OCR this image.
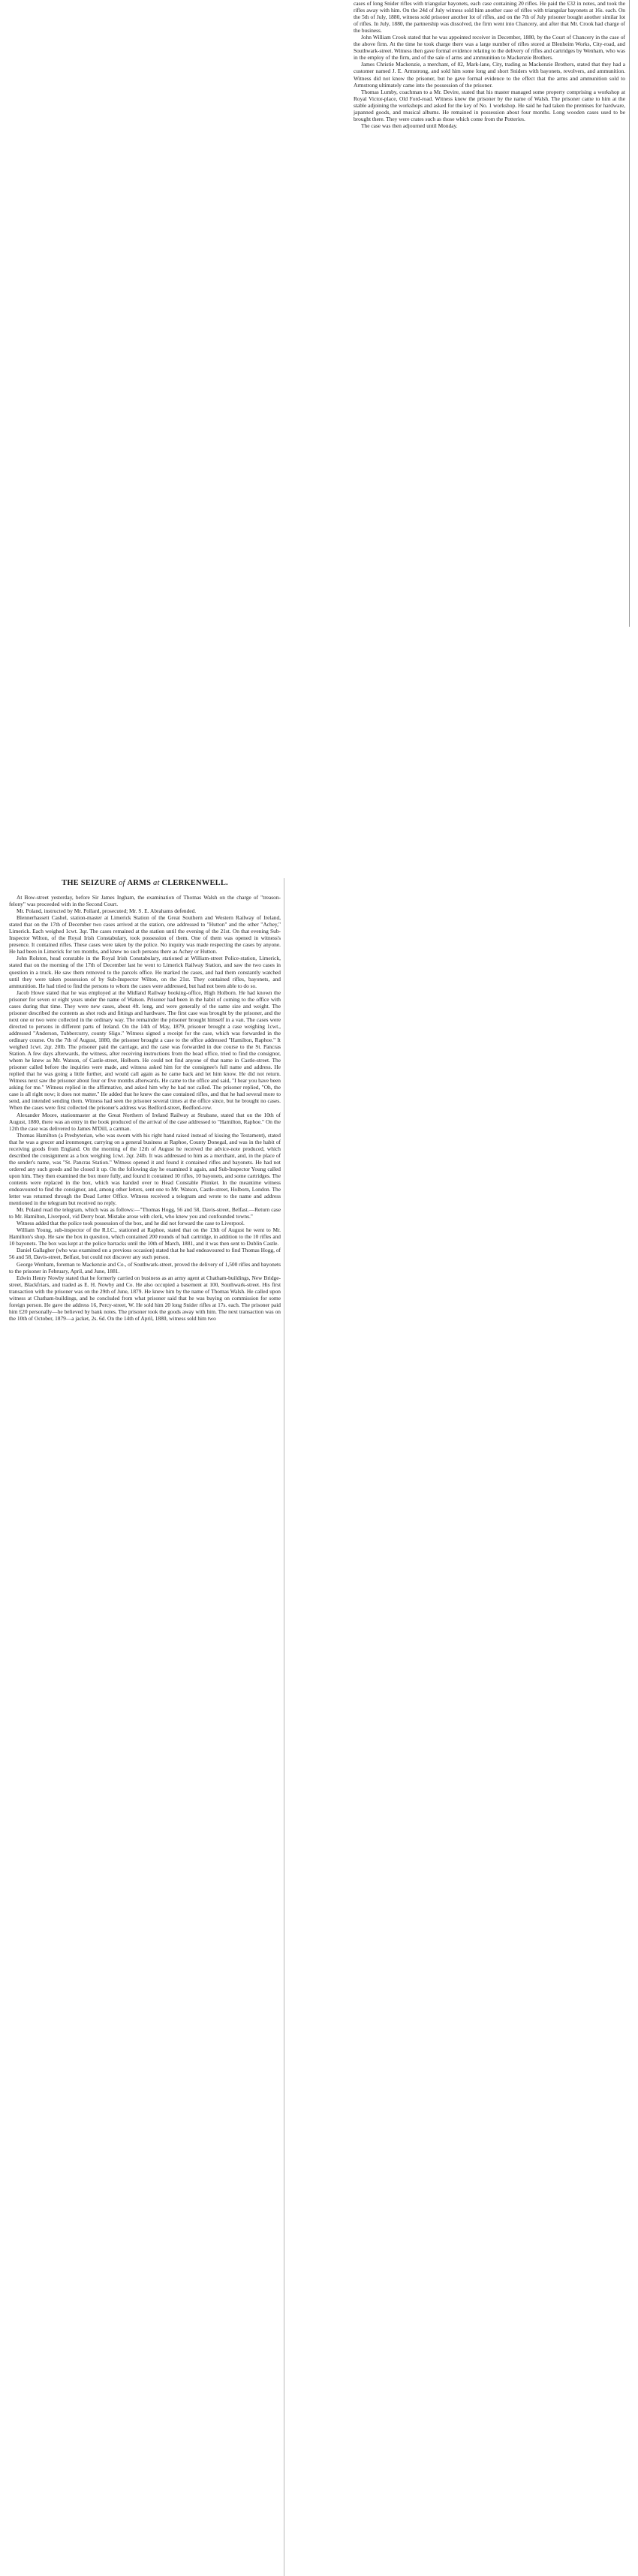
cases of long Snider rifles with triangular bayonets, each case containing 20 rifles. He paid the £32 in notes, and took the rifles away with him. On the 24d of July witness sold him another case of rifles with triangular bayonets at 16s. each. On the 5th of July, 1880, witness sold prisoner another lot of rifles, and on the 7th of July prisoner bought another similar lot of rifles. In July, 1880, the partnership was dissolved, the firm went into Chancery, and after that Mr. Crook had charge of the business.

John William Crook stated that he was appointed receiver in December, 1880, by the Court of Chancery in the case of the above firm. At the time he took charge there was a large number of rifles stored at Blenheim Works, City-road, and Southwark-street. Witness then gave formal evidence relating to the delivery of rifles and cartridges by Wenham, who was in the employ of the firm, and of the sale of arms and ammunition to Mackenzie Brothers.

James Christie Mackenzie, a merchant, of 82, Mark-lane, City, trading as Mackenzie Brothers, stated that they had a customer named J. E. Armstrong, and sold him some long and short Sniders with bayonets, revolvers, and ammunition. Witness did not know the prisoner, but he gave formal evidence to the effect that the arms and ammunition sold to Armstrong ultimately came into the possession of the prisoner.

Thomas Lumby, coachman to a Mr. Devire, stated that his master managed some property comprising a workshop at Royal Victor-place, Old Ford-road. Witness knew the prisoner by the name of Walsh. The prisoner came to him at the stable adjoining the workshops and asked for the key of No. 1 workshop. He said he had taken the premises for hardware, japanned goods, and musical albums. He remained in possession about four months. Long wooden cases used to be brought there. They were crates such as those which come from the Potteries.

The case was then adjourned until Monday.

THE SEIZURE of ARMS at CLERKENWELL.

At Bow-street yesterday, before Sir James Ingham, the examination of Thomas Walsh on the charge of "treason-felony" was proceeded with in the Second Court.

Mr. Poland, instructed by Mr. Pollard, prosecuted; Mr. S. E. Abrahams defended.

Blennerhassett Cashel, station-master at Limerick Station of the Great Southern and Western Railway of Ireland, stated that on the 17th of December two cases arrived at the station, one addressed to "Hutton" and the other "Achey," Limerick. Each weighed 1cwt. 3qr. The cases remained at the station until the evening of the 21st. On that evening Sub-Inspector Wilton, of the Royal Irish Constabulary, took possession of them. One of them was opened in witness's presence. It contained rifles. These cases were taken by the police. No inquiry was made respecting the cases by anyone. He had been in Limerick for ten months, and knew no such persons there as Achey or Hutton.

John Rolston, head constable in the Royal Irish Constabulary, stationed at William-street Police-station, Limerick, stated that on the morning of the 17th of December last he went to Limerick Railway Station, and saw the two cases in question in a truck. He saw them removed to the parcels office. He marked the cases, and had them constantly watched until they were taken possession of by Sub-Inspector Wilton, on the 21st. They contained rifles, bayonets, and ammunition. He had tried to find the persons to whom the cases were addressed, but had not been able to do so.

Jacob Howe stated that he was employed at the Midland Railway booking-office, High Holborn. He had known the prisoner for seven or eight years under the name of Watson. Prisoner had been in the habit of coming to the office with cases during that time. They were new cases, about 4ft. long, and were generally of the same size and weight. The prisoner described the contents as shot rods and fittings and hardware. The first case was brought by the prisoner, and the next one or two were collected in the ordinary way. The remainder the prisoner brought himself in a van. The cases were directed to persons in different parts of Ireland. On the 14th of May, 1879, prisoner brought a case weighing 1cwt., addressed "Anderson, Tubbercurry, county Sligo." Witness signed a receipt for the case, which was forwarded in the ordinary course. On the 7th of August, 1880, the prisoner brought a case to the office addressed "Hamilton, Raphoe." It weighed 1cwt. 2qr. 20lb. The prisoner paid the carriage, and the case was forwarded in due course to the St. Pancras Station. A few days afterwards, the witness, after receiving instructions from the head office, tried to find the consignor, whom he knew as Mr. Watson, of Castle-street, Holborn. He could not find anyone of that name in Castle-street. The prisoner called before the inquiries were made, and witness asked him for the consignee's full name and address. He replied that he was going a little further, and would call again as he came back and let him know. He did not return. Witness next saw the prisoner about four or five months afterwards. He came to the office and said, "I hear you have been asking for me." Witness replied in the affirmative, and asked him why he had not called. The prisoner replied, "Oh, the case is all right now; it does not matter." He added that he knew the case contained rifles, and that he had several more to send, and intended sending them. Witness had seen the prisoner several times at the office since, but he brought no cases. When the cases were first collected the prisoner's address was Bedford-street, Bedford-row.

Alexander Moore, stationmaster at the Great Northern of Ireland Railway at Strabane, stated that on the 10th of August, 1880, there was an entry in the book produced of the arrival of the case addressed to "Hamilton, Raphoe." On the 12th the case was delivered to James M'Dill, a carman.

Thomas Hamilton (a Presbyterian, who was sworn with his right hand raised instead of kissing the Testament), stated that he was a grocer and ironmonger, carrying on a general business at Raphoe, County Donegal, and was in the habit of receiving goods from England. On the morning of the 12th of August he received the advice-note produced, which described the consignment as a box weighing 1cwt. 2qr. 24lb. It was addressed to him as a merchant, and, in the place of the sender's name, was "St. Pancras Station." Witness opened it and found it contained rifles and bayonets. He had not ordered any such goods and he closed it up. On the following day he examined it again, and Sub-Inspector Young called upon him. They then examined the box more fully, and found it contained 10 rifles, 10 bayonets, and some cartridges. The contents were replaced in the box, which was handed over to Head Constable Plunket. In the meantime witness endeavoured to find the consignor, and, among other letters, sent one to Mr. Watson, Castle-street, Holborn, London. The letter was returned through the Dead Letter Office. Witness received a telegram and wrote to the name and address mentioned in the telegram but received no reply.

Mr. Poland read the telegram, which was as follows:—"Thomas Hogg, 56 and 58, Davis-street, Belfast.—Return case to Mr. Hamilton, Liverpool, vid Derry boat. Mistake arose with clerk, who knew you and confounded towns."

Witness added that the police took possession of the box, and he did not forward the case to Liverpool.

William Young, sub-inspector of the R.I.C., stationed at Raphoe, stated that on the 13th of August he went to Mr. Hamilton's shop. He saw the box in question, which contained 200 rounds of ball cartridge, in addition to the 10 rifles and 10 bayonets. The box was kept at the police barracks until the 10th of March, 1881, and it was then sent to Dublin Castle.

Daniel Gallagher (who was examined on a previous occasion) stated that he had endeavoured to find Thomas Hogg, of 56 and 58, Davis-street, Belfast, but could not discover any such person.

George Wenham, foreman to Mackenzie and Co., of Southwark-street, proved the delivery of 1,500 rifles and bayonets to the prisoner in February, April, and June, 1881.

Edwin Henry Nowby stated that he formerly carried on business as an army agent at Chatham-buildings, New Bridge-street, Blackfriars, and traded as E. H. Nowby and Co. He also occupied a basement at 100, Southwark-street. His first transaction with the prisoner was on the 29th of June, 1879. He knew him by the name of Thomas Walsh. He called upon witness at Chatham-buildings, and he concluded from what prisoner said that he was buying on commission for some foreign person. He gave the address 16, Percy-street, W. He sold him 20 long Snider rifles at 17s. each. The prisoner paid him £20 personally—he believed by bank notes. The prisoner took the goods away with him. The next transaction was on the 10th of October, 1879—a jacket, 2s. 6d. On the 14th of April, 1880, witness sold him two
